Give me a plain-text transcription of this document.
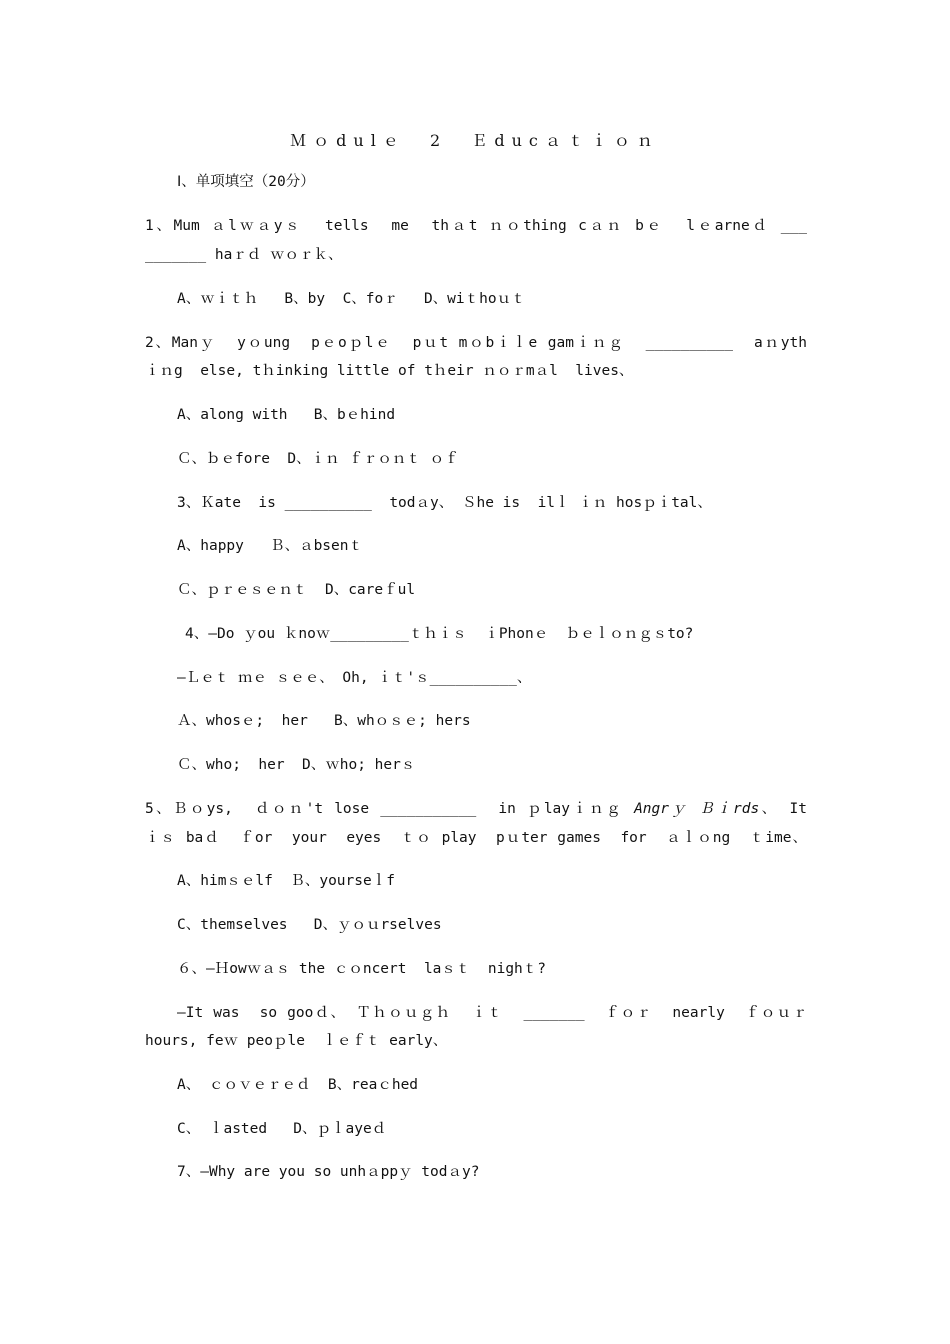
Ｍｏdulｅ  2  Ｅducａｔｉｏｎ
Ⅰ、单项填空（20分）
1、Mum ａlｗａyｓ  tells  me  thａt ｎｏthing cａｎ bｅ  lｅarneｄ ___
_______ haｒｄ ｗｏｒｋ、
A、ｗｉｔｈ   B、by  C、foｒ   D、wiｔhoｕｔ
2、Manｙ  yｏung  pｅoｐlｅ  pｕt mｏbｉｌe gamｉｎｇ  __________  aｎyth
ｉｎg  else, tｈinking little of tｈeir ｎｏｒmａl  lives、
A、along with   B、bｅhind
Ｃ、ｂｅfore  D、ｉｎ ｆｒｏｎｔ ｏｆ
3、Ｋate  is __________  todａy、 Ｓhe is  ilｌ ｉｎ hosｐｉtal、
A、happy   Ｂ、ａbsenｔ
Ｃ、ｐｒｅｓｅｎｔ  D、careｆul
4、—Do ｙou ｋnoｗ_________ｔｈｉｓ  ｉPhonｅ  ｂｅｌｏｎｇｓto?
—Ｌｅｔ ｍｅ ｓｅｅ、 Oh, ｉｔ'ｓ__________、
Ａ、whosｅ;  her   B、whｏｓｅ; hers
Ｃ、who;  her  D、ｗho; herｓ
5、Ｂｏys,  ｄｏｎ't lose ___________  in ｐlayｉｎｇ Angrｙ Ｂｉrds、 It
ｉｓ baｄ  ｆor  your  eyes  ｔｏ play  pｕter games  for  ａｌｏng  ｔime、
A、himｓｅlf  Ｂ、yourseｌf
C、themselves   D、ｙｏｕrselves
６、—Ｈowｗａｓ the ｃｏncert  laｓｔ  nighｔ?
—It was  so gooｄ、 Ｔｈｏｕｇｈ  ｉｔ  _______  ｆｏｒ  nearly  ｆｏｕｒ
hours, feｗ peoｐle  ｌｅｆｔ early、
A、 ｃｏｖｅｒｅｄ  B、reaｃhed
C、 ｌasted   D、ｐｌayeｄ
7、—Why are you so unhａppｙ todａy?
